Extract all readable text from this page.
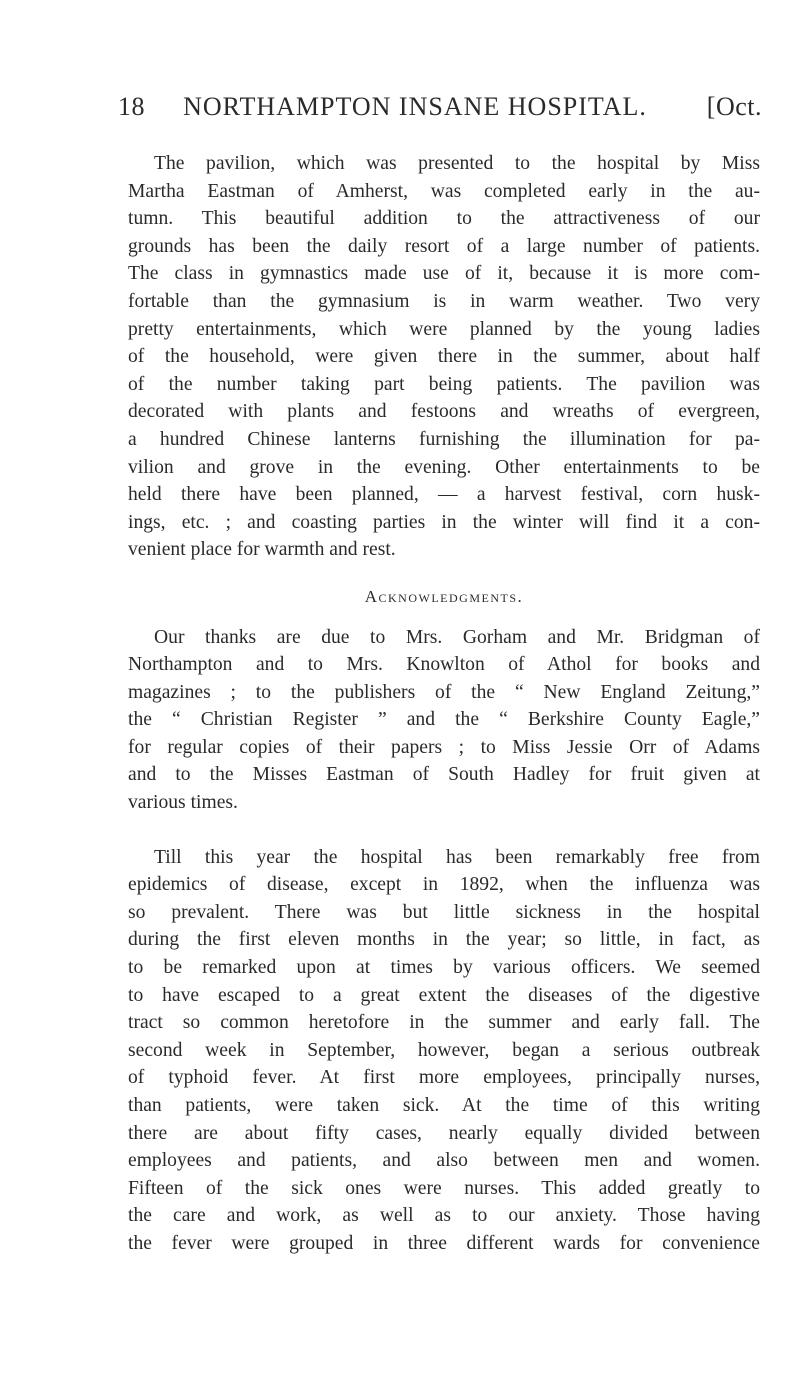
18 NORTHAMPTON INSANE HOSPITAL. [Oct.
The pavilion, which was presented to the hospital by Miss
Martha Eastman of Amherst, was completed early in the au-
tumn. This beautiful addition to the attractiveness of our
grounds has been the daily resort of a large number of patients.
The class in gymnastics made use of it, because it is more com-
fortable than the gymnasium is in warm weather. Two very
pretty entertainments, which were planned by the young ladies
of the household, were given there in the summer, about half
of the number taking part being patients. The pavilion was
decorated with plants and festoons and wreaths of evergreen,
a hundred Chinese lanterns furnishing the illumination for pa-
vilion and grove in the evening. Other entertainments to be
held there have been planned, — a harvest festival, corn husk-
ings, etc. ; and coasting parties in the winter will find it a con-
venient place for warmth and rest.
Acknowledgments.
Our thanks are due to Mrs. Gorham and Mr. Bridgman of
Northampton and to Mrs. Knowlton of Athol for books and
magazines ; to the publishers of the “ New England Zeitung,”
the “ Christian Register ” and the “ Berkshire County Eagle,”
for regular copies of their papers ; to Miss Jessie Orr of Adams
and to the Misses Eastman of South Hadley for fruit given at
various times.
Till this year the hospital has been remarkably free from
epidemics of disease, except in 1892, when the influenza was
so prevalent. There was but little sickness in the hospital
during the first eleven months in the year; so little, in fact, as
to be remarked upon at times by various officers. We seemed
to have escaped to a great extent the diseases of the digestive
tract so common heretofore in the summer and early fall. The
second week in September, however, began a serious outbreak
of typhoid fever. At first more employees, principally nurses,
than patients, were taken sick. At the time of this writing
there are about fifty cases, nearly equally divided between
employees and patients, and also between men and women.
Fifteen of the sick ones were nurses. This added greatly to
the care and work, as well as to our anxiety. Those having
the fever were grouped in three different wards for convenience
